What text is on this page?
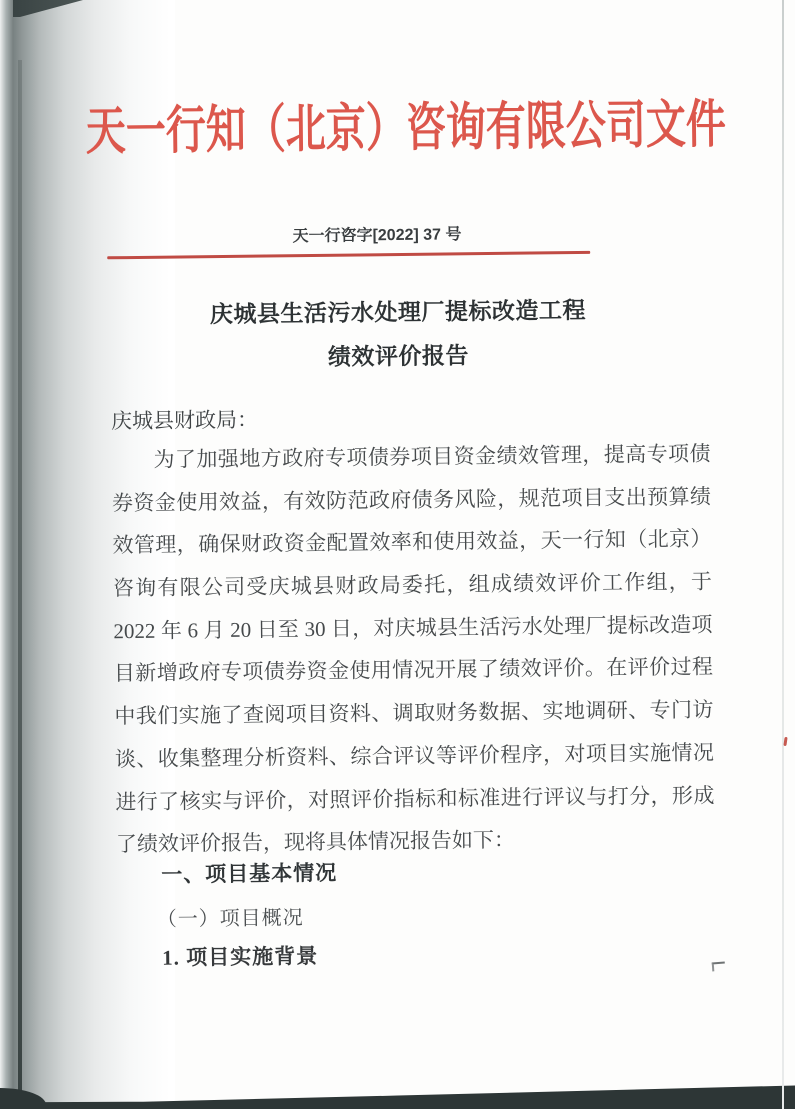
天一行知（北京）咨询有限公司文件
天一行咨字[2022] 37 号
庆城县生活污水处理厂提标改造工程
绩效评价报告
庆城县财政局：
为了加强地方政府专项债券项目资金绩效管理，提高专项债
券资金使用效益，有效防范政府债务风险，规范项目支出预算绩
效管理，确保财政资金配置效率和使用效益，天一行知（北京）
咨询有限公司受庆城县财政局委托，组成绩效评价工作组，于
2022 年 6 月 20 日至 30 日，对庆城县生活污水处理厂提标改造项
目新增政府专项债券资金使用情况开展了绩效评价。在评价过程
中我们实施了查阅项目资料、调取财务数据、实地调研、专门访
谈、收集整理分析资料、综合评议等评价程序，对项目实施情况
进行了核实与评价，对照评价指标和标准进行评议与打分，形成
了绩效评价报告，现将具体情况报告如下：
一、项目基本情况
（一）项目概况
1. 项目实施背景
